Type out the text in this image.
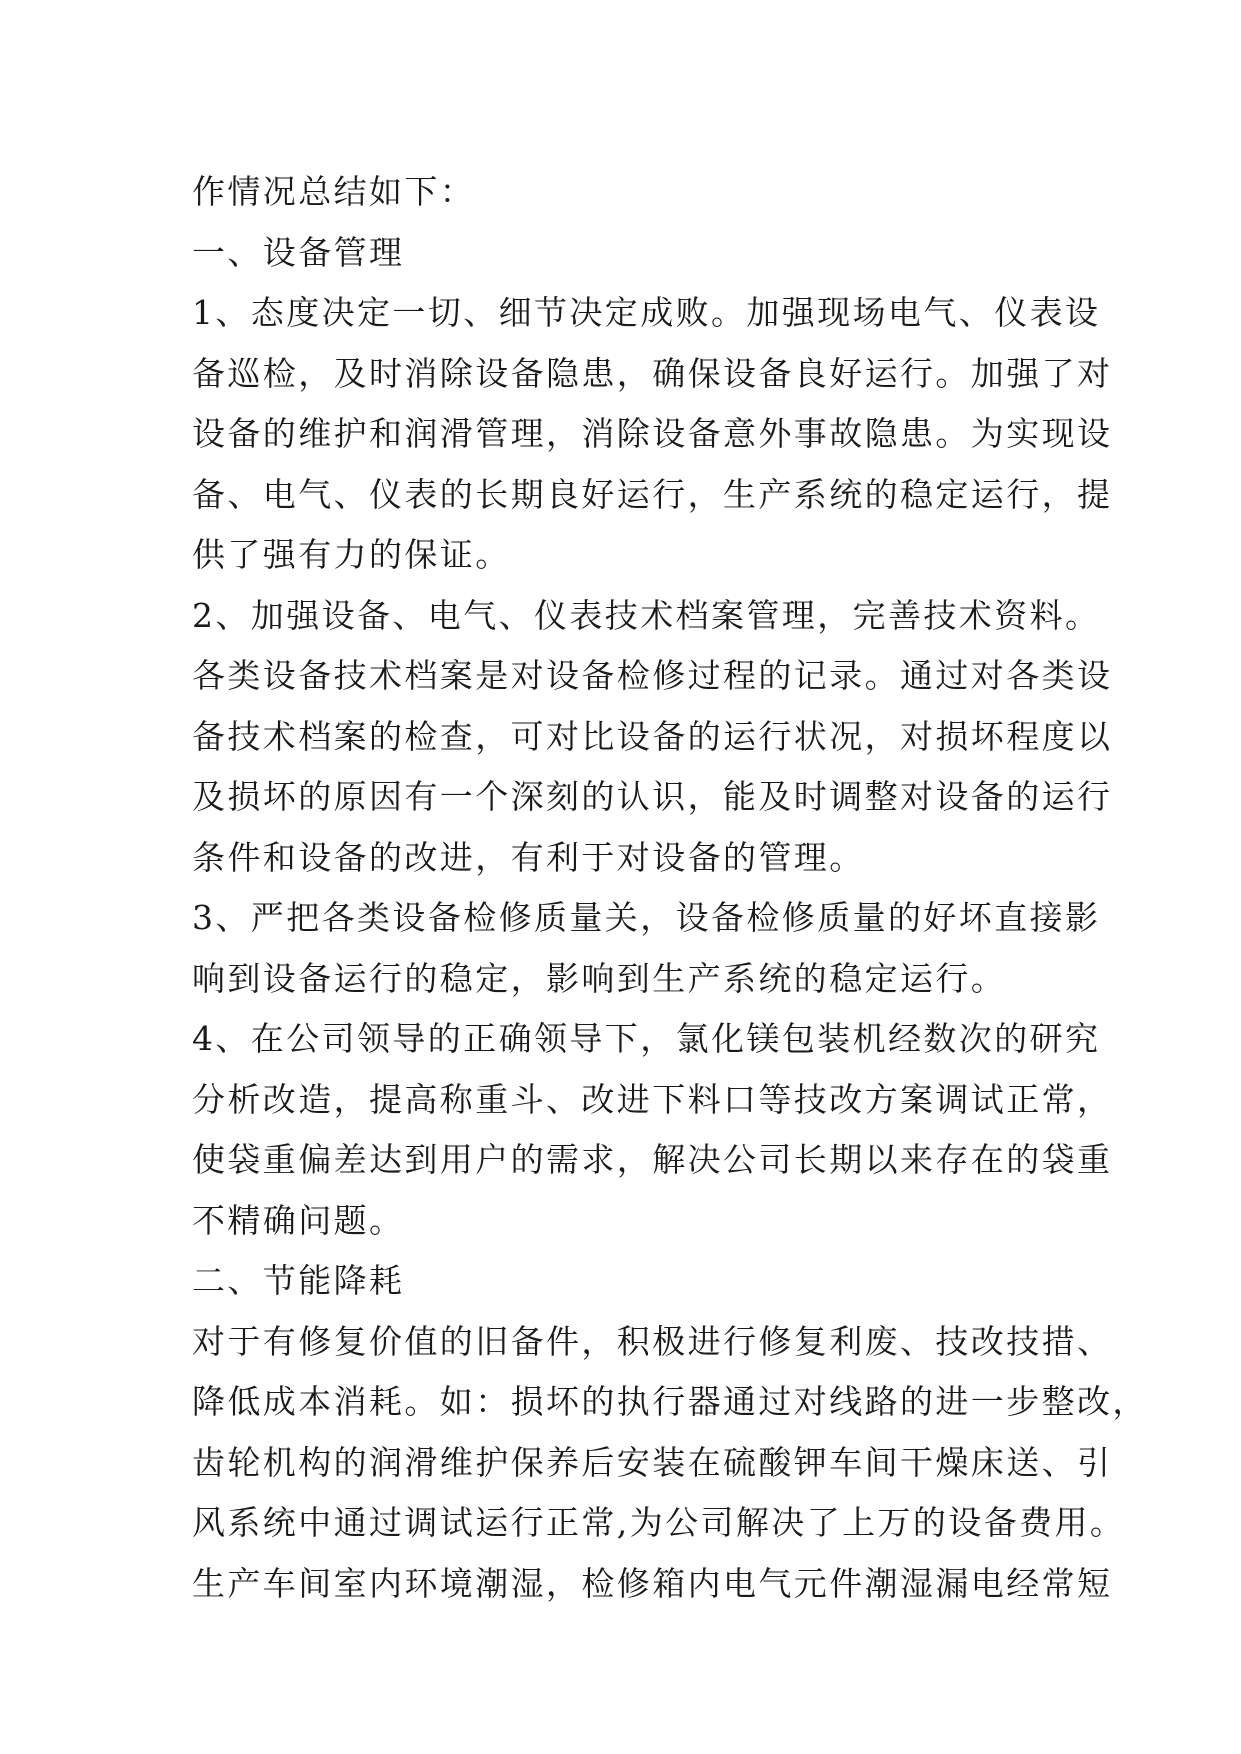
作情况总结如下：
一、设备管理
1、态度决定一切、细节决定成败。加强现场电气、仪表设
备巡检，及时消除设备隐患，确保设备良好运行。加强了对
设备的维护和润滑管理，消除设备意外事故隐患。为实现设
备、电气、仪表的长期良好运行，生产系统的稳定运行，提
供了强有力的保证。
2、加强设备、电气、仪表技术档案管理，完善技术资料。
各类设备技术档案是对设备检修过程的记录。通过对各类设
备技术档案的检查，可对比设备的运行状况，对损坏程度以
及损坏的原因有一个深刻的认识，能及时调整对设备的运行
条件和设备的改进，有利于对设备的管理。
3、严把各类设备检修质量关，设备检修质量的好坏直接影
响到设备运行的稳定，影响到生产系统的稳定运行。
4、在公司领导的正确领导下，氯化镁包装机经数次的研究
分析改造，提高称重斗、改进下料口等技改方案调试正常，
使袋重偏差达到用户的需求，解决公司长期以来存在的袋重
不精确问题。
二、节能降耗
对于有修复价值的旧备件，积极进行修复利废、技改技措、
降低成本消耗。如：损坏的执行器通过对线路的进一步整改，
齿轮机构的润滑维护保养后安装在硫酸钾车间干燥床送、引
风系统中通过调试运行正常,为公司解决了上万的设备费用。
生产车间室内环境潮湿，检修箱内电气元件潮湿漏电经常短
